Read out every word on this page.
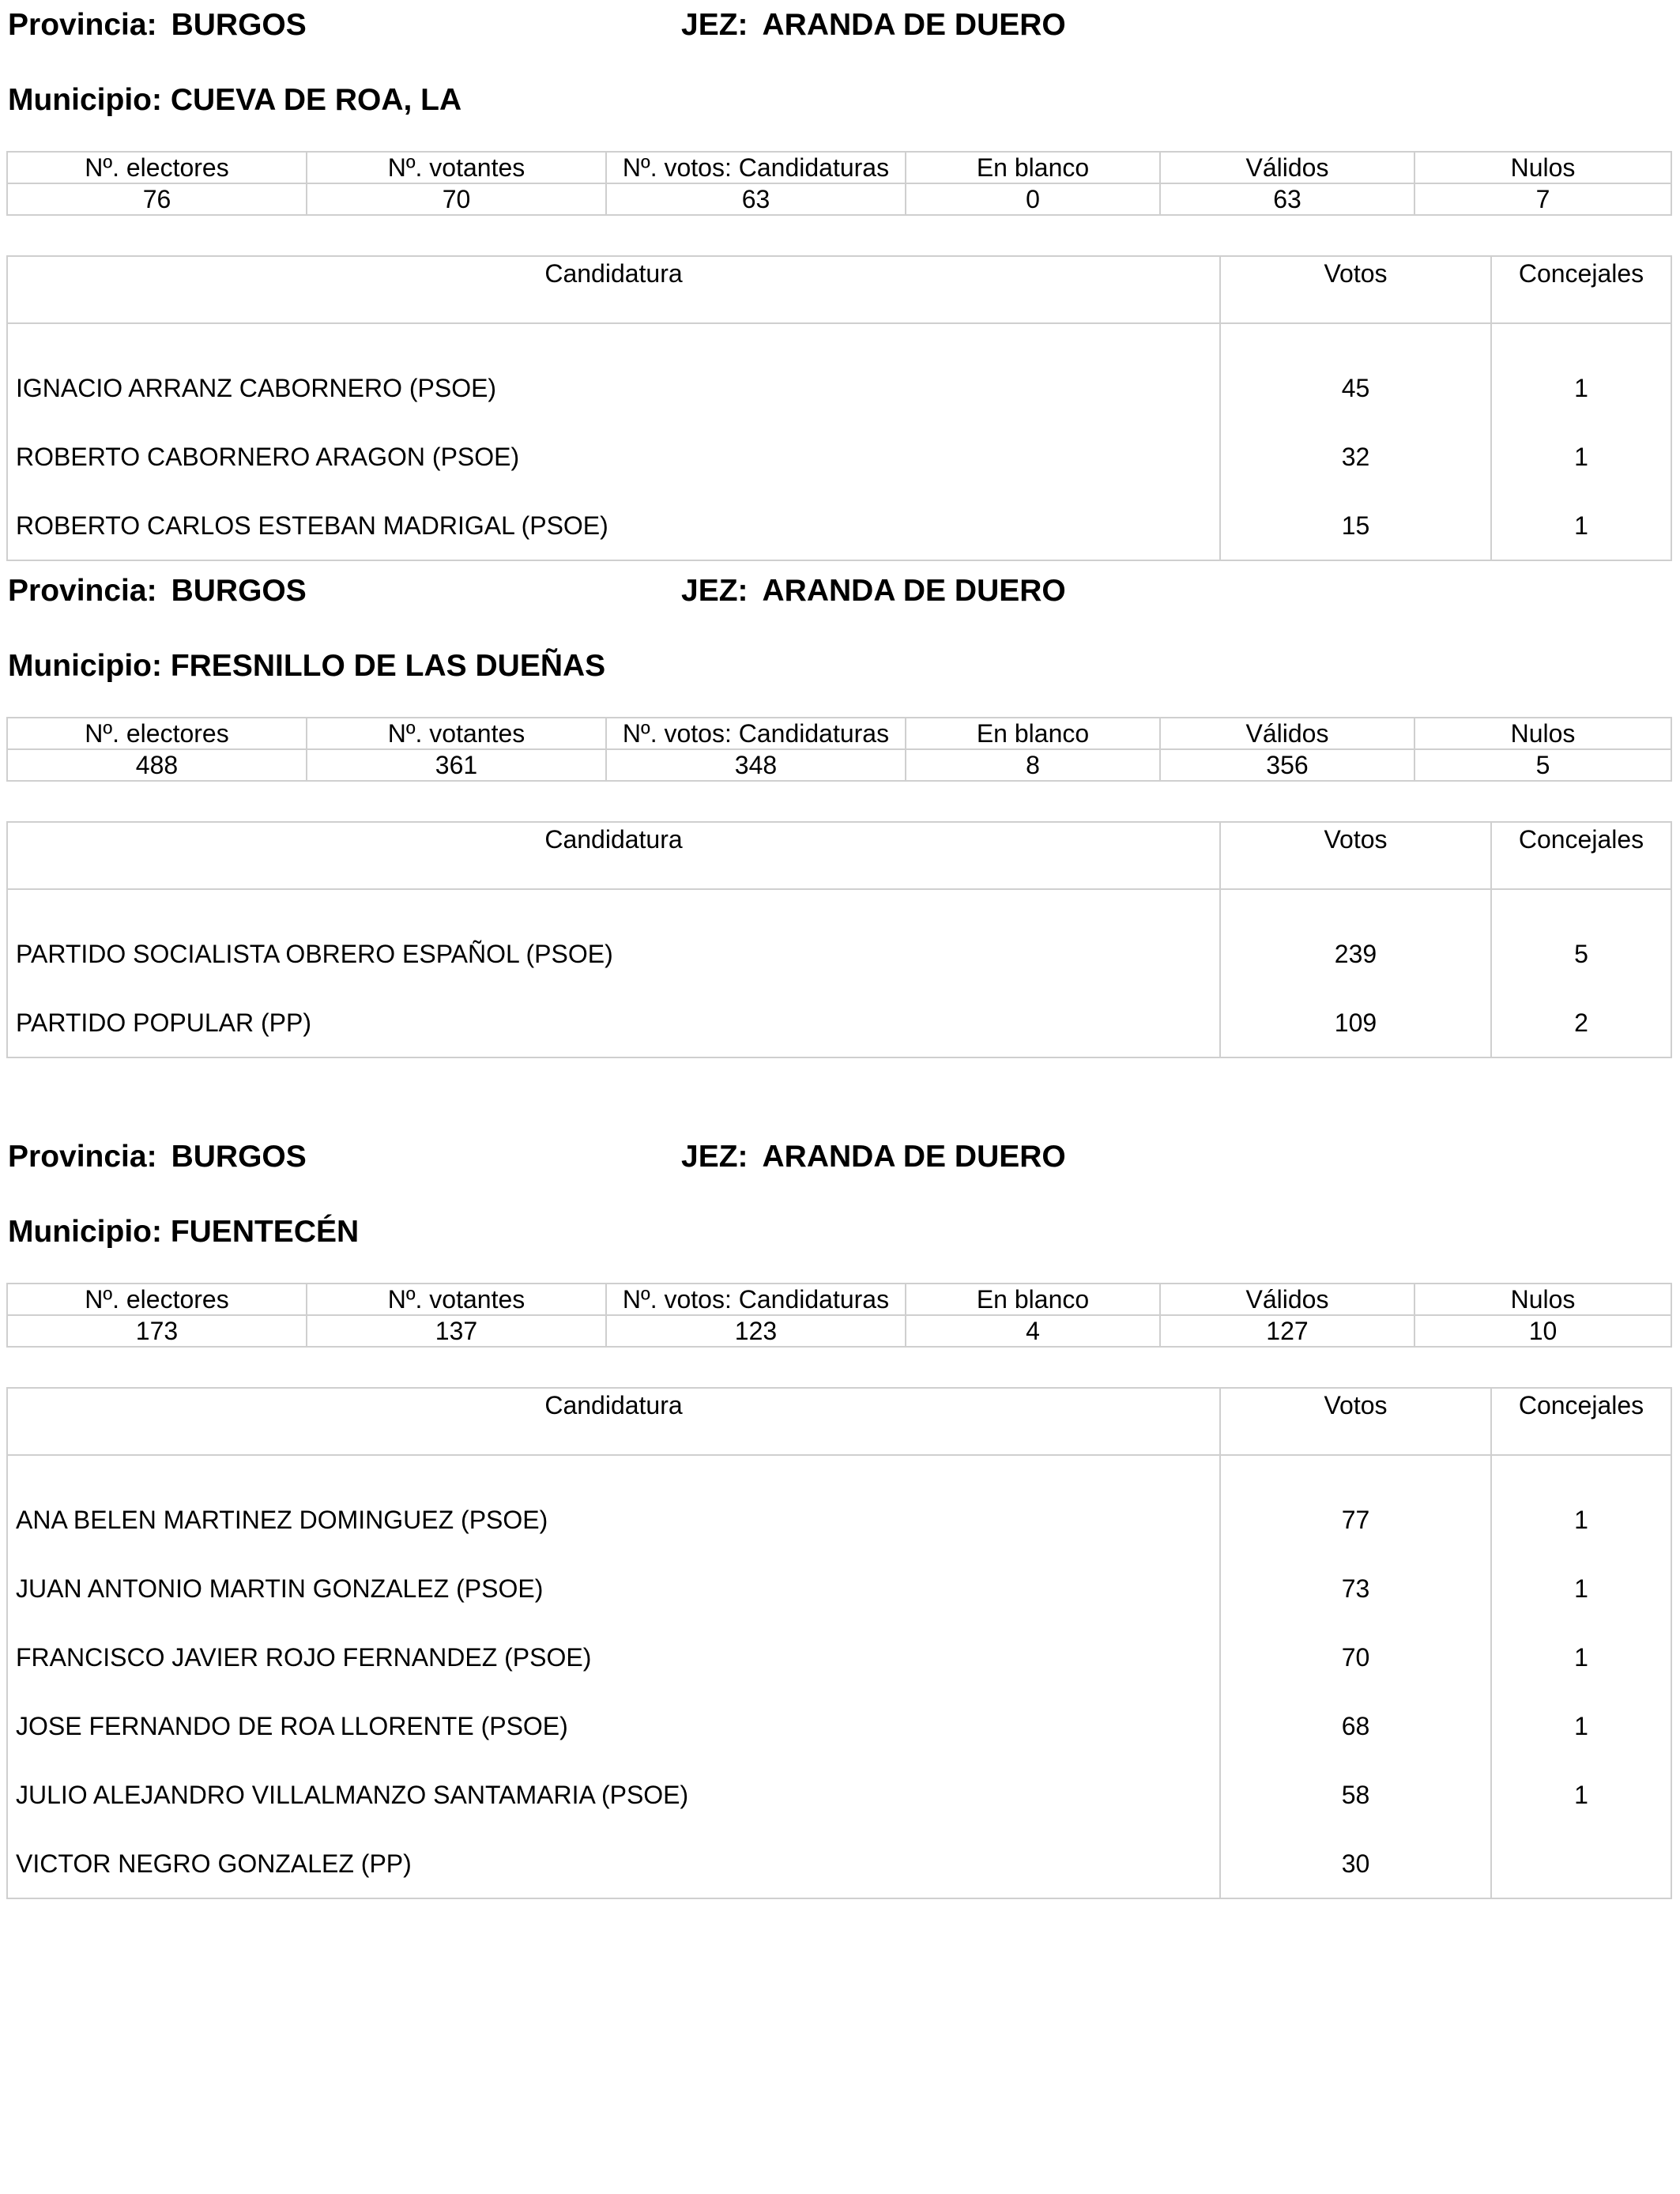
Provincia: BURGOS	JEZ: ARANDA DE DUERO
Municipio: CUEVA DE ROA, LA
Nº. electores	Nº. votantes	Nº. votos: Candidaturas	En blanco	Válidos	Nulos
76	70	63	0	63	7
Candidatura	Votos	Concejales
IGNACIO ARRANZ CABORNERO (PSOE)	45	1
ROBERTO CABORNERO ARAGON (PSOE)	32	1
ROBERTO CARLOS ESTEBAN MADRIGAL (PSOE)	15	1
Provincia: BURGOS	JEZ: ARANDA DE DUERO
Municipio: FRESNILLO DE LAS DUEÑAS
Nº. electores	Nº. votantes	Nº. votos: Candidaturas	En blanco	Válidos	Nulos
488	361	348	8	356	5
Candidatura	Votos	Concejales
PARTIDO SOCIALISTA OBRERO ESPAÑOL (PSOE)	239	5
PARTIDO POPULAR (PP)	109	2
Provincia: BURGOS	JEZ: ARANDA DE DUERO
Municipio: FUENTECÉN
Nº. electores	Nº. votantes	Nº. votos: Candidaturas	En blanco	Válidos	Nulos
173	137	123	4	127	10
Candidatura	Votos	Concejales
ANA BELEN MARTINEZ DOMINGUEZ (PSOE)	77	1
JUAN ANTONIO MARTIN GONZALEZ (PSOE)	73	1
FRANCISCO JAVIER ROJO FERNANDEZ (PSOE)	70	1
JOSE FERNANDO DE ROA LLORENTE (PSOE)	68	1
JULIO ALEJANDRO VILLALMANZO SANTAMARIA (PSOE)	58	1
VICTOR NEGRO GONZALEZ (PP)	30	
